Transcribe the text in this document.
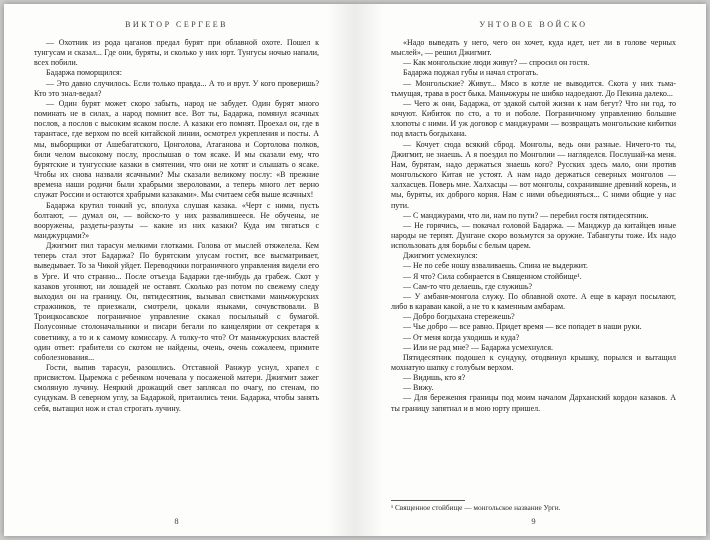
ВИКТОР СЕРГЕЕВ

— Охотник из рода цаганов предал бурят при облавной охоте. Пошел к тунгусам и сказал... Где они, буряты, и сколько у них юрт. Тунгусы ночью напали, всех побили.

Бадаржа поморщился:

— Это давно случилось. Если только правда... А то и врут. У кого проверишь? Кто это знал-ведал?

— Один бурят может скоро забыть, народ не забудет. Один бурят много поминать не в силах, а народ помнит все. Вот ты, Бадаржа, помянул ясачных послов, а послов с высоким ясаком после. А казаки его помнят. Проехал он, где в тарантасе, где верхом по всей китайской линии, осмотрел укрепления и посты. А мы, выборщики от Ашебагатского, Цонголова, Атаганова и Сортолова полков, били челом высокому послу, прослышав о том ясаке. И мы сказали ему, что бурятские и тунгусские казаки в смятении, что они не хотят и слышать о ясаке. Чтобы их снова назвали ясачными? Мы сказали великому послу: «В прежние времена наши родичи были храбрыми звероловами, а теперь много лет верно служат России и остаются храбрыми казаками». Мы считаем себя выше ясачных!

Бадаржа крутил тонкий ус, вполуха слушая казака. «Черт с ними, пусть болтают, — думал он, — войско-то у них развалившееся. Не обучены, не вооружены, раздеты-разуты — какие из них казаки? Куда им тягаться с манджурцами?»

Джигмит пил тарасун мелкими глотками. Голова от мыслей отяжелела. Кем теперь стал этот Бадаржа? По бурятским улусам гостит, все высматривает, выведывает. То за Чикой уйдет. Переводчики пограничного управления видели его в Урге. И что странно... После отъезда Бадаржи где-нибудь да грабеж. Скот у казаков угоняют, ни лошадей не оставят. Сколько раз потом по свежему следу выходил он на границу. Он, пятидесятник, вызывал свистками маньчжурских стражников, те приезжали, смотрели, цокали языками, сочувствовали. В Троицкосавское пограничное управление скакал посыльный с бумагой. Полусонные столоначальники и писари бегали по канцелярии от секретаря к советнику, а то и к самому комиссару. А толку-то что? От маньчжурских властей один ответ: грабители со скотом не найдены, очень, очень сожалеем, примите соболезнования...

Гости, выпив тарасун, разошлись. Отставной Ранжур уснул, храпел с присвистом. Цыремжа с ребенком ночевала у посаженой матери. Джигмит зажег смоляную лучину. Неяркий дрожащий свет заплясал по очагу, по стенам, по сундукам. В северном углу, за Бадаржой, притаились тени. Бадаржа, чтобы занять себя, вытащил нож и стал строгать лучину.

8
УНТОВОЕ ВОЙСКО

«Надо выведать у него, чего он хочет, куда идет, нет ли в голове черных мыслей», — решил Джигмит.

— Как монгольские люди живут? — спросил он гостя.

Бадаржа поджал губы и начал строгать.

— Монгольские? Живут... Мясо в котле не выводится. Скота у них тьма-тьмущая, трава в рост быка. Маньчжуры не шибко надоедают. До Пекина далеко...

— Чего ж они, Бадаржа, от эдакой сытой жизни к нам бегут? Что ни год, то кочуют. Кибиток по сто, а то и поболе. Пограничному управлению большие хлопоты с ними. И уж договор с манджурами — возвращать монгольские кибитки под власть богдыхана.

— Кочует сюда всякий сброд. Монголы, ведь они разные. Ничего-то ты, Джигмит, не знаешь. А я поездил по Монголии — нагляделся. Послушай-ка меня. Нам, бурятам, надо держаться знаешь кого? Русских здесь мало, они против монгольского Китая не устоят. А нам надо держаться северных монголов — халхасцев. Поверь мне. Халхасцы — вот монголы, сохранившие древний корень, и мы, буряты, их доброго корня. Нам с ними объединяться... С ними общие у нас пути.

— С манджурами, что ли, нам по пути? — перебил гостя пятидесятник.

— Не горячись, — покачал головой Бадаржа. — Манджур да китайцев иные народы не терпят. Дунгане скоро возьмутся за оружие. Табангуты тоже. Их надо использовать для борьбы с белым царем.

Джигмит усмехнулся:

— Не по себе ношу взваливаешь. Спина не выдержит.

— Я что? Сила собирается в Священном стойбище¹.

— Сам-то что делаешь, где служишь?

— У амбаня-монгола служу. По облавной охоте. А еще в караул посылают, либо в караван какой, а не то к каменным амбарам.

— Добро богдыхана стережешь?

— Чье добро — все равно. Придет время — все попадет в наши руки.

— От меня когда уходишь и куда?

— Или не рад мне? — Бадаржа усмехнулся.

Пятидесятник подошел к сундуку, отодвинул крышку, порылся и вытащил мохнатую шапку с голубым верхом.

— Видишь, кто я?

— Вижу.

— Для бережения границы под моим началом Дарханский кордон казаков. А ты границу запятнал и в мою юрту пришел.

¹ Священное стойбище — монгольское название Урги.
9
